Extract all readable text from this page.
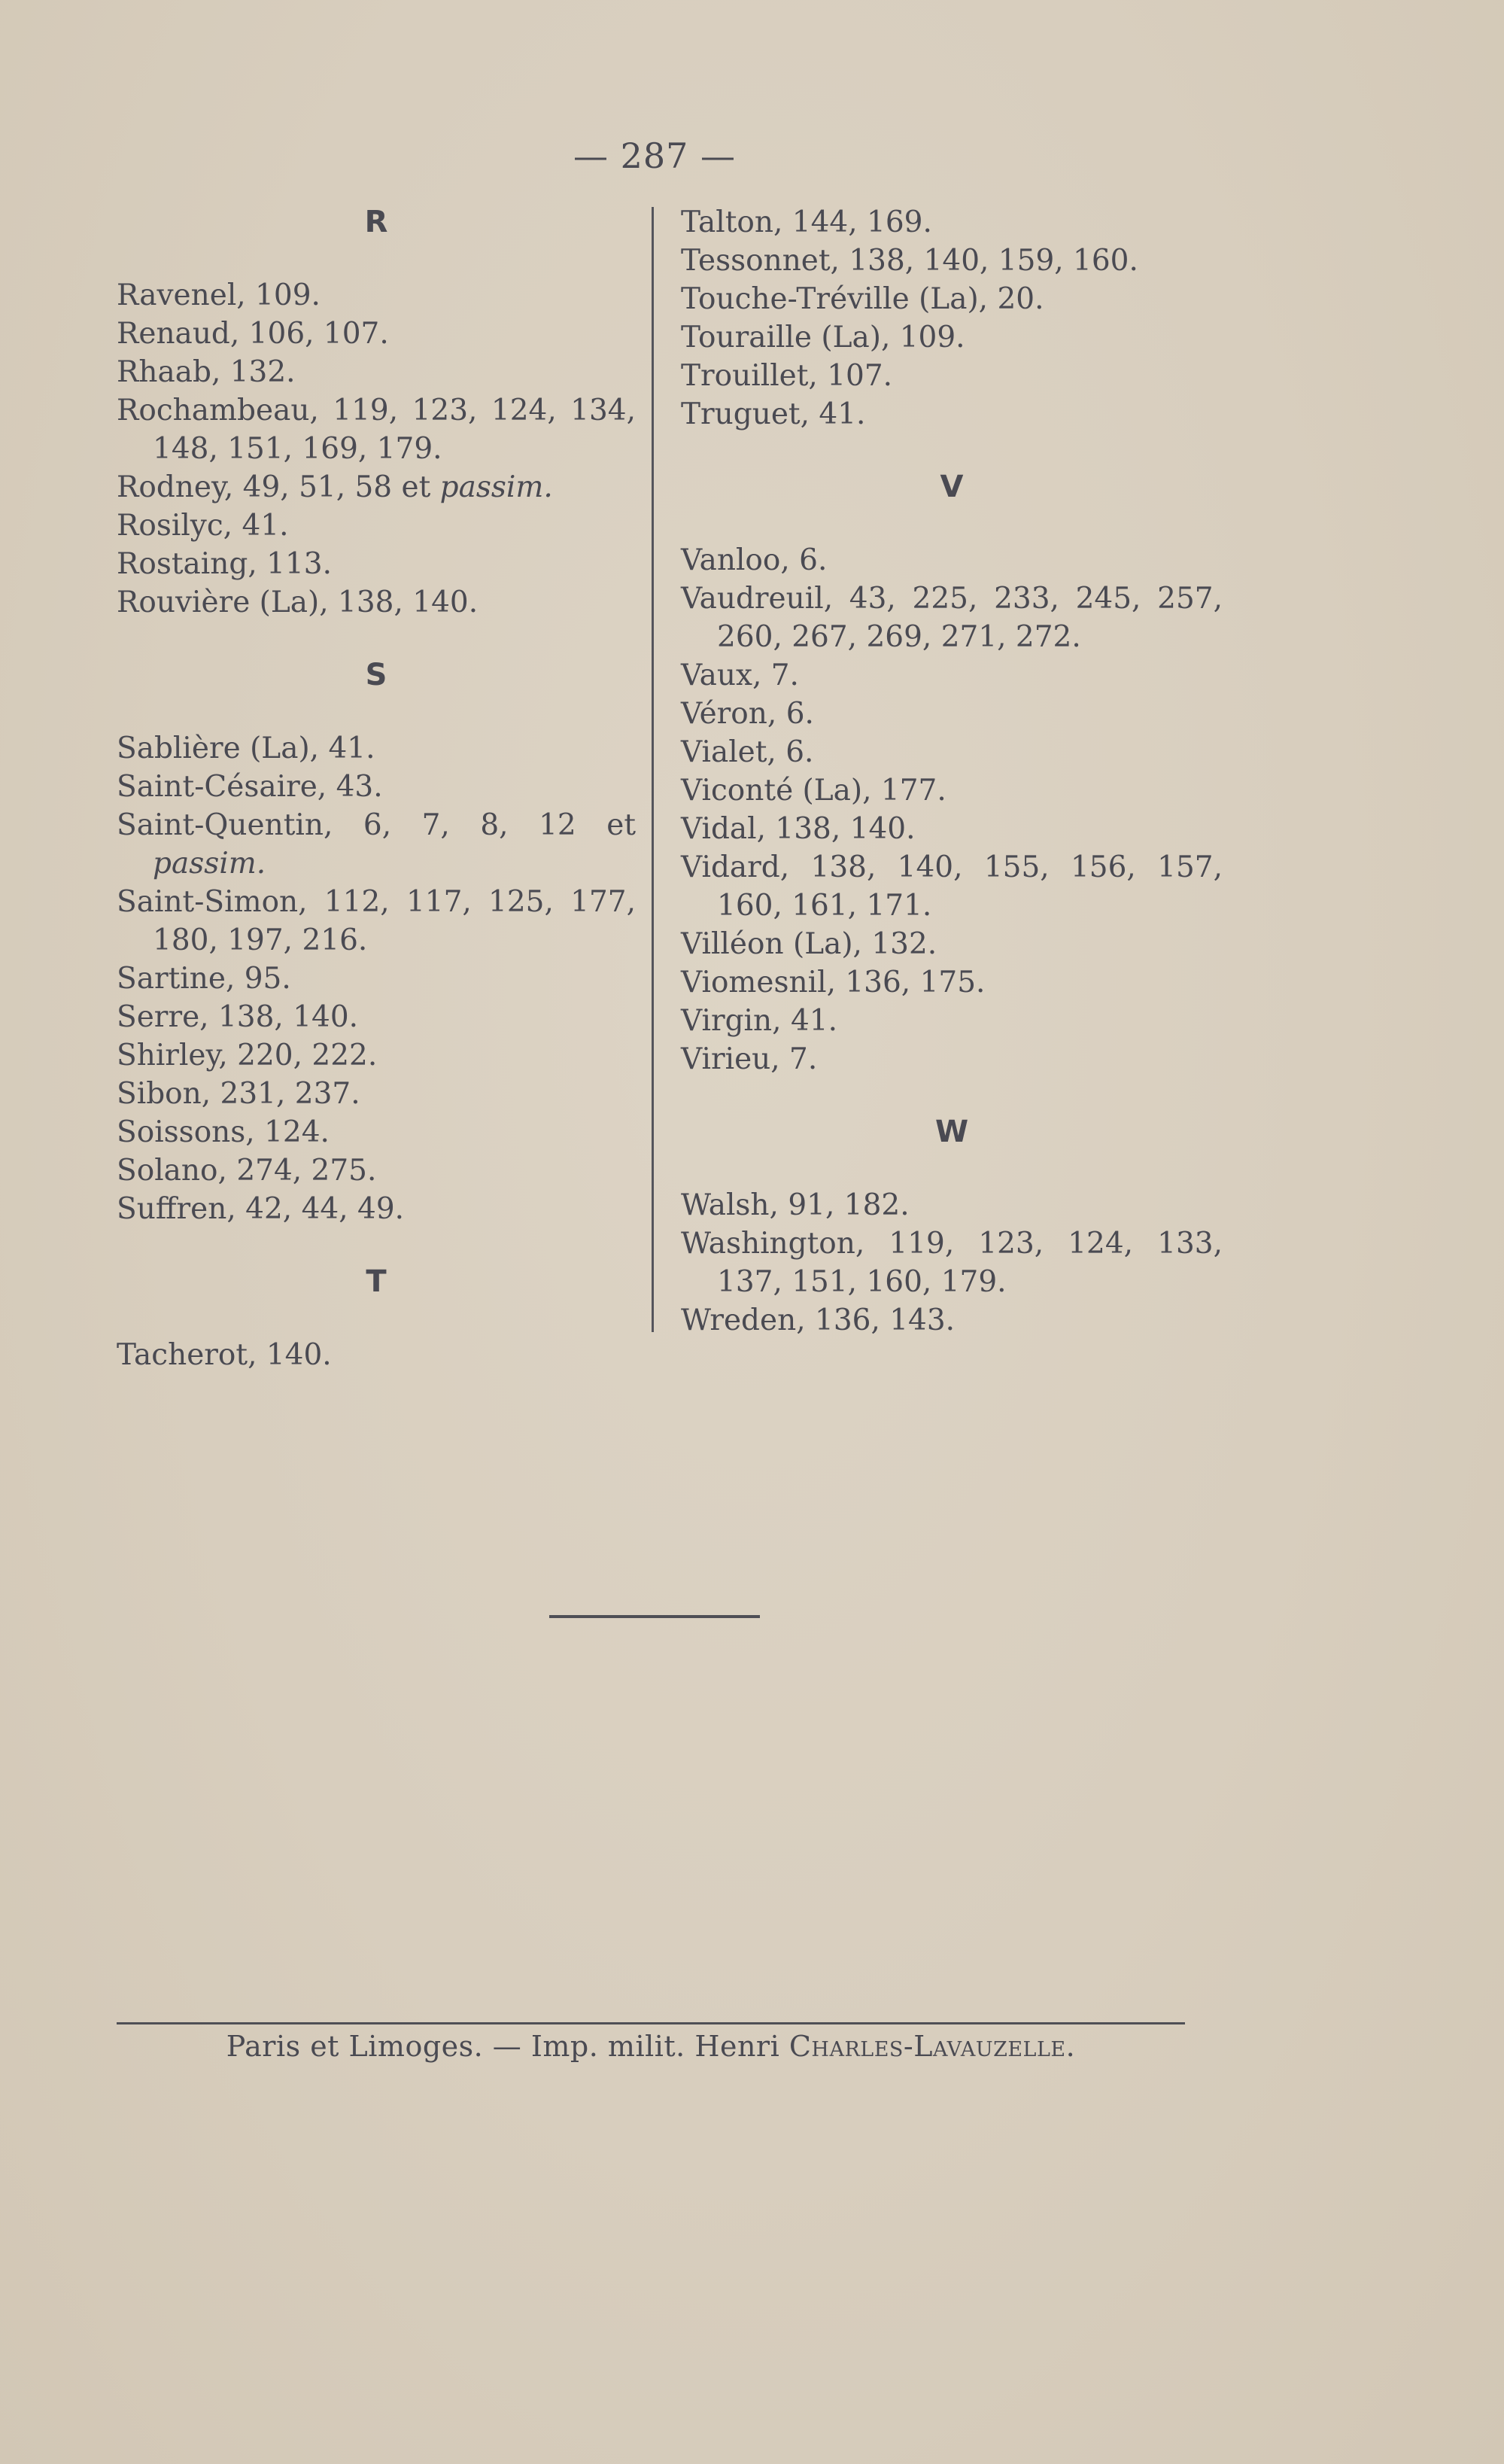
— 287 —
R
Ravenel, 109.
Renaud, 106, 107.
Rhaab, 132.
Rochambeau, 119, 123, 124, 134, 148, 151, 169, 179.
Rodney, 49, 51, 58 et passim.
Rosilyc, 41.
Rostaing, 113.
Rouvière (La), 138, 140.
S
Sablière (La), 41.
Saint-Césaire, 43.
Saint-Quentin, 6, 7, 8, 12 et passim.
Saint-Simon, 112, 117, 125, 177, 180, 197, 216.
Sartine, 95.
Serre, 138, 140.
Shirley, 220, 222.
Sibon, 231, 237.
Soissons, 124.
Solano, 274, 275.
Suffren, 42, 44, 49.
T
Tacherot, 140.
Talton, 144, 169.
Tessonnet, 138, 140, 159, 160.
Touche-Tréville (La), 20.
Touraille (La), 109.
Trouillet, 107.
Truguet, 41.
V
Vanloo, 6.
Vaudreuil, 43, 225, 233, 245, 257, 260, 267, 269, 271, 272.
Vaux, 7.
Véron, 6.
Vialet, 6.
Viconté (La), 177.
Vidal, 138, 140.
Vidard, 138, 140, 155, 156, 157, 160, 161, 171.
Villéon (La), 132.
Viomesnil, 136, 175.
Virgin, 41.
Virieu, 7.
W
Walsh, 91, 182.
Washington, 119, 123, 124, 133, 137, 151, 160, 179.
Wreden, 136, 143.
Paris et Limoges. — Imp. milit. Henri Charles-Lavauzelle.
